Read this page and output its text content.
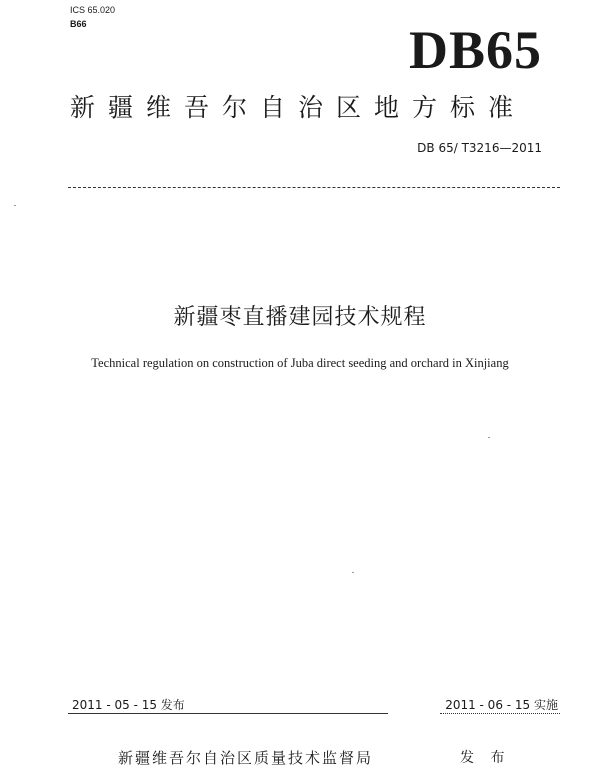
ICS 65.020
B66	DB65
新疆维吾尔自治区地方标准
DB 65/ T3216—2011
新疆枣直播建园技术规程
Technical regulation on construction of Juba direct seeding and orchard in Xinjiang
2011 - 05 - 15 发布	2011 - 06 - 15 实施
新疆维吾尔自治区质量技术监督局	发 布
